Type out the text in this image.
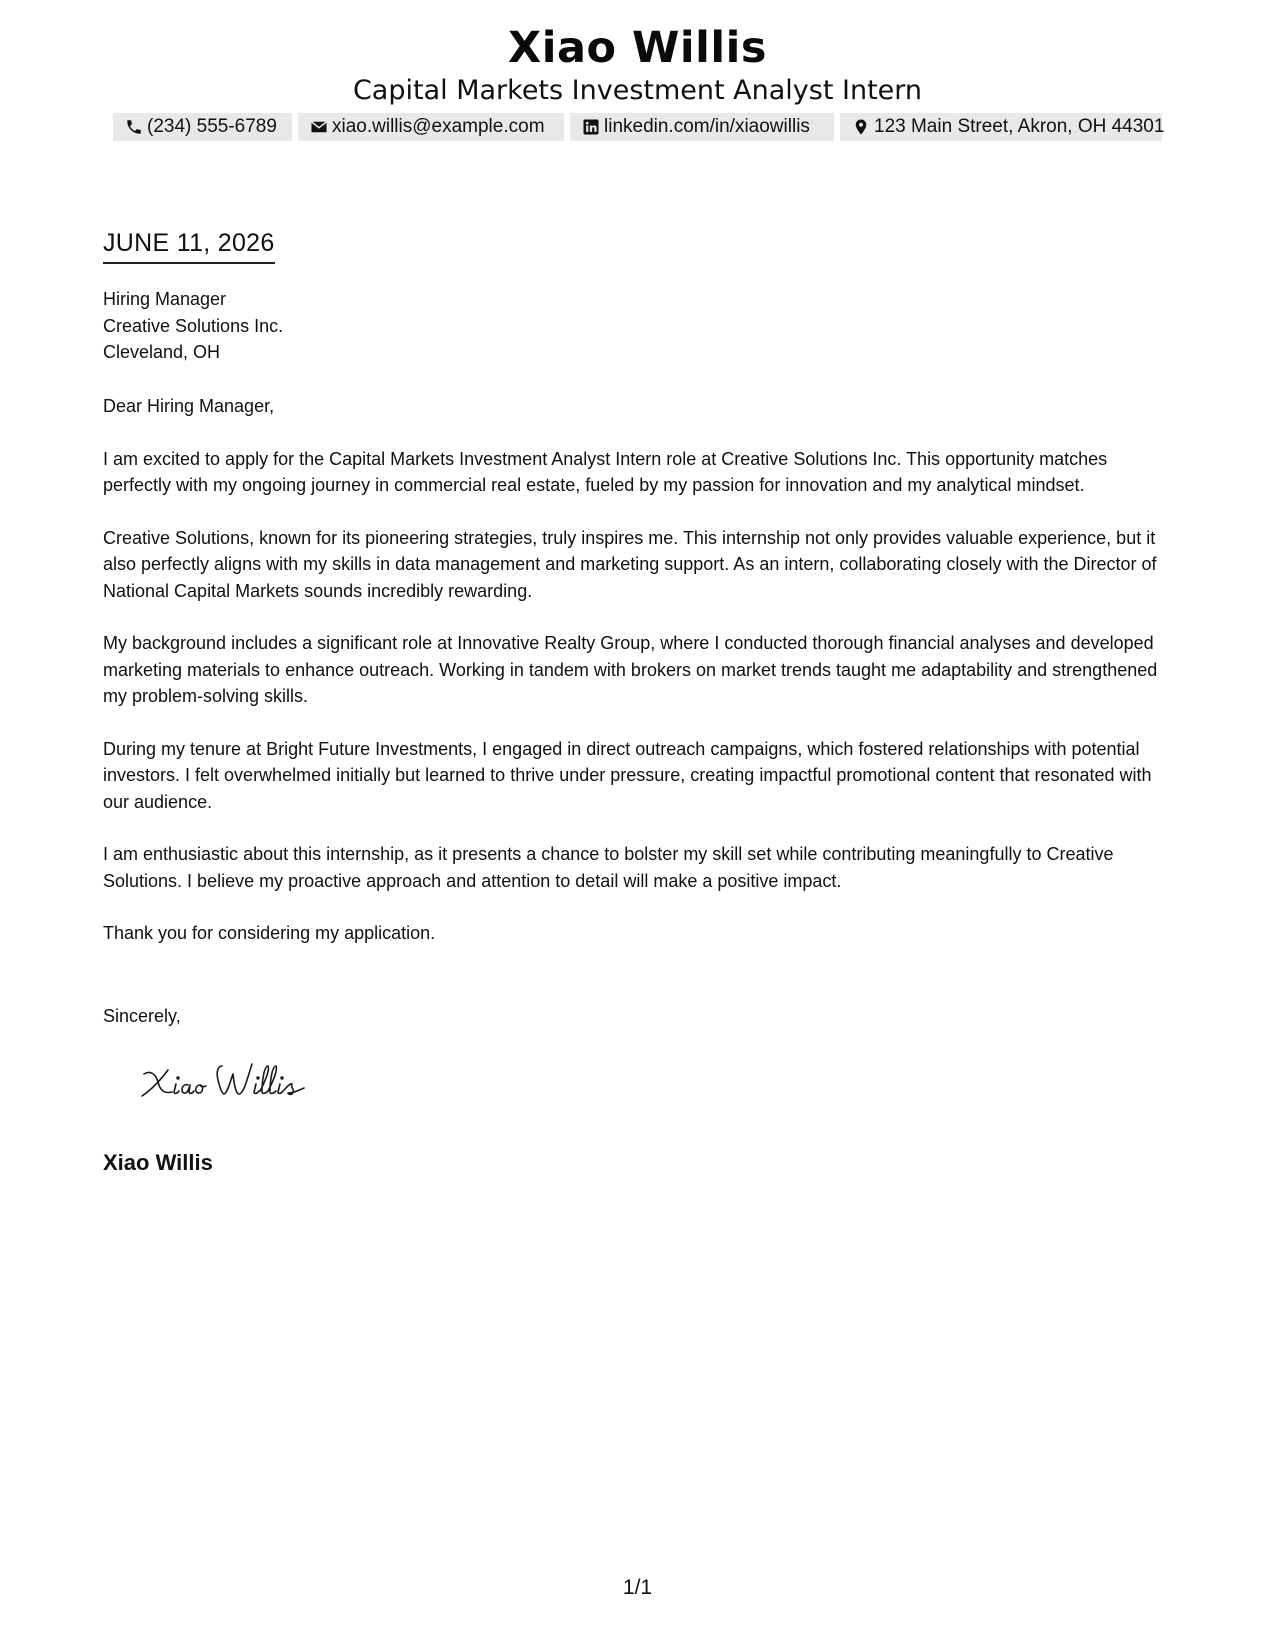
Xiao Willis
Capital Markets Investment Analyst Intern
(234) 555-6789	xiao.willis@example.com	linkedin.com/in/xiaowillis	123 Main Street, Akron, OH 44301
JUNE 11, 2026
Hiring Manager
Creative Solutions Inc.
Cleveland, OH

Dear Hiring Manager,

I am excited to apply for the Capital Markets Investment Analyst Intern role at Creative Solutions Inc. This opportunity matches perfectly with my ongoing journey in commercial real estate, fueled by my passion for innovation and my analytical mindset.

Creative Solutions, known for its pioneering strategies, truly inspires me. This internship not only provides valuable experience, but it also perfectly aligns with my skills in data management and marketing support. As an intern, collaborating closely with the Director of National Capital Markets sounds incredibly rewarding.

My background includes a significant role at Innovative Realty Group, where I conducted thorough financial analyses and developed marketing materials to enhance outreach. Working in tandem with brokers on market trends taught me adaptability and strengthened my problem-solving skills.

During my tenure at Bright Future Investments, I engaged in direct outreach campaigns, which fostered relationships with potential investors. I felt overwhelmed initially but learned to thrive under pressure, creating impactful promotional content that resonated with our audience.

I am enthusiastic about this internship, as it presents a chance to bolster my skill set while contributing meaningfully to Creative Solutions. I believe my proactive approach and attention to detail will make a positive impact.

Thank you for considering my application.

Sincerely,
Xiao Willis
1/1
